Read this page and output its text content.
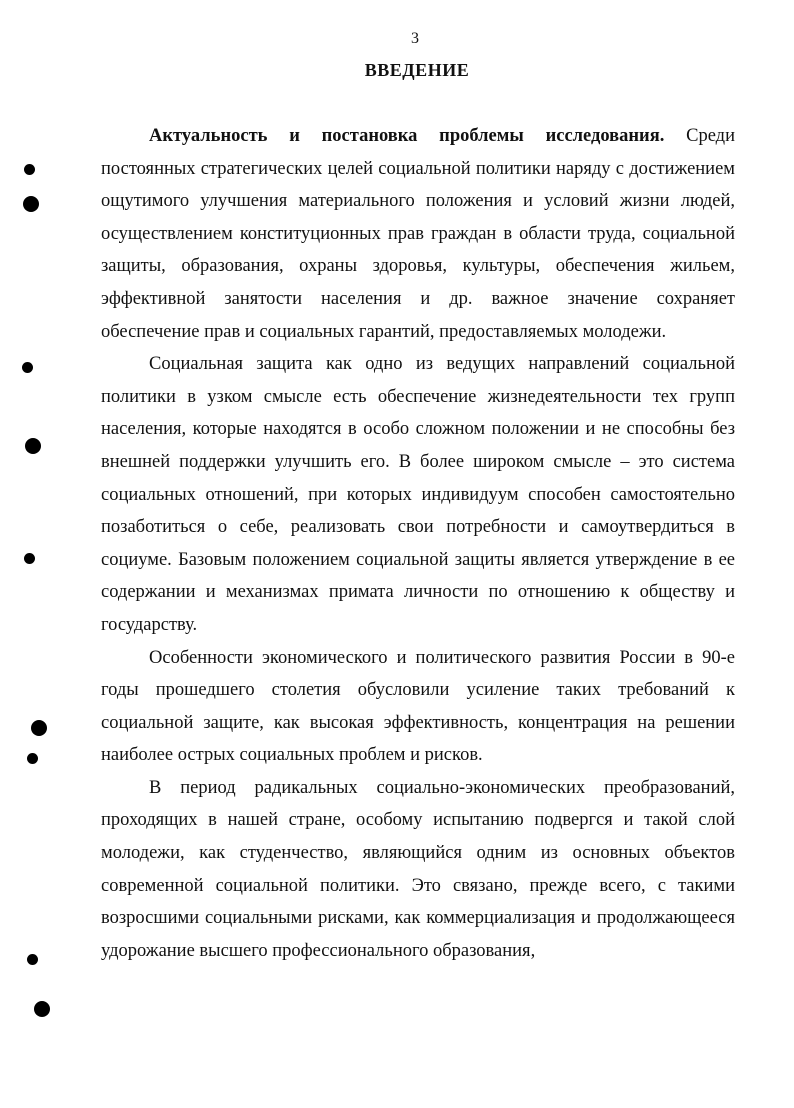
3
ВВЕДЕНИЕ

Актуальность и постановка проблемы исследования. Среди постоянных стратегических целей социальной политики наряду с достижением ощутимого улучшения материального положения и условий жизни людей, осуществлением конституционных прав граждан в области труда, социальной защиты, образования, охраны здоровья, культуры, обеспечения жильем, эффективной занятости населения и др. важное значение сохраняет обеспечение прав и социальных гарантий, предоставляемых молодежи.

Социальная защита как одно из ведущих направлений социальной политики в узком смысле есть обеспечение жизнедеятельности тех групп населения, которые находятся в особо сложном положении и не способны без внешней поддержки улучшить его. В более широком смысле – это система социальных отношений, при которых индивидуум способен самостоятельно позаботиться о себе, реализовать свои потребности и самоутвердиться в социуме. Базовым положением социальной защиты является утверждение в ее содержании и механизмах примата личности по отношению к обществу и государству.

Особенности экономического и политического развития России в 90-е годы прошедшего столетия обусловили усиление таких требований к социальной защите, как высокая эффективность, концентрация на решении наиболее острых социальных проблем и рисков.

В период радикальных социально-экономических преобразований, проходящих в нашей стране, особому испытанию подвергся и такой слой молодежи, как студенчество, являющийся одним из основных объектов современной социальной политики. Это связано, прежде всего, с такими возросшими социальными рисками, как коммерциализация и продолжающееся удорожание высшего профессионального образования,
